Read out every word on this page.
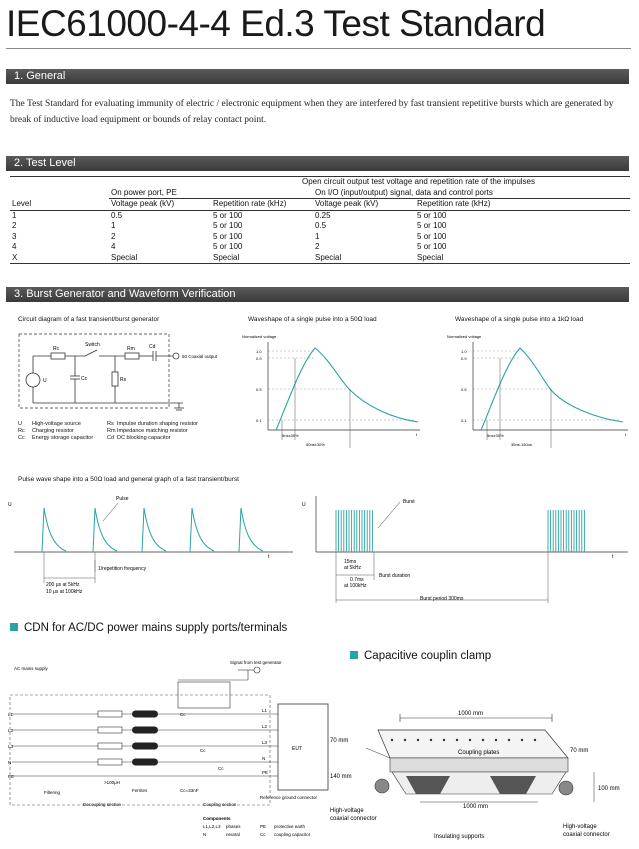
IEC61000-4-4 Ed.3 Test Standard
1. General
The Test Standard for evaluating immunity of electric / electronic equipment when they are interfered by fast transient repetitive bursts which are generated by break of inductive load equipment or bounds of relay contact point.
2. Test Level
	Open circuit output test voltage and repetition rate of the impulses			
	On power port, PE		On I/O (input/output) signal, data and control ports	
Level	Voltage peak (kV)	Repetition rate (kHz)	Voltage peak (kV)	Repetition rate (kHz)
1	0.5	5 or 100	0.25	5 or 100
2	1	5 or 100	0.5	5 or 100
3	2	5 or 100	1	5 or 100
4	4	5 or 100	2	5 or 100
X	Special	Special	Special	Special
3. Burst Generator and Waveform Verification
Circuit diagram of a fast transient/burst generator	Waveshape of a single pulse into a 50Ω load	Waveshape of a single pulse into a 1kΩ load
Rc
Switch
Rm	Cd
Cc	Rs
U
50 Coaxial output
U High-voltage source	Rs Impulse duration shaping resistor
Rc Charging resistor	RmImpedance matching resistor
Cc Energy storage capacitor	Cd DC blocking capacitor
Normalized voltage
1.0
0.9
0.5
0.1
5ns±30%
50ns±30%
t
Normalized voltage
1.0
0.9
0.5
0.1
5ns±30%
35ns-150ns
t
Pulse wave shape into a 50Ω load and general graph of a fast transient/burst
U
Pulse
1/repetition frequency
200 μs at 5kHz
10 μs at 100kHz
t
U	Burst
15ms
at 5kHz
Burst duration
0.7ms
at 100kHz
Burst period 300ms
t
CDN for AC/DC power mains supply ports/terminals
Capacitive couplin clamp
AC mains supply
Signal from test generator
EUT
L1
L1
L2
L2
L3
L3
N
N
PE
PE
Filtering
Decoupling section
>100μH
Ferrites	Cc=33nF
Coupling section
Reference ground connector
Components
L1,L2,L3 phases
N	neutral
PE protective earth
Cc coupling capacitor
Cc
Cc
Cc
1000 mm
Coupling plates
70 mm
70 mm
140 mm
100 mm
1000 mm
High-voltage
coaxial connector
Insulating supports
High-voltage
coaxial connector
